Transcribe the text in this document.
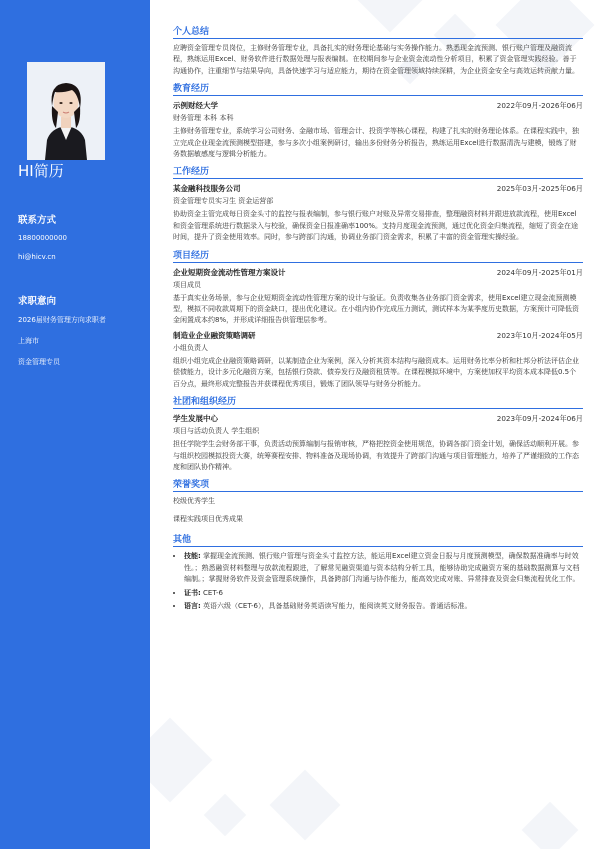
HI简历
联系方式
18800000000
hi@hicv.cn
求职意向
2026届财务管理方向求职者
上海市
资金管理专员
个人总结

应聘资金管理专员岗位，主修财务管理专业，具备扎实的财务理论基础与实务操作能力。熟悉现金流预测、银行账户管理及融资流程，熟练运用Excel、财务软件进行数据处理与报表编制。在校期间参与企业资金流动性分析项目，积累了资金管理实践经验。善于沟通协作，注重细节与结果导向，具备快速学习与适应能力，期待在资金管理领域持续深耕，为企业资金安全与高效运转贡献力量。

教育经历
示例财经大学	2022年09月-2026年06月
财务管理 本科 本科

主修财务管理专业，系统学习公司财务、金融市场、管理会计、投资学等核心课程，构建了扎实的财务理论体系。在课程实践中，独立完成企业现金流预测模型搭建，参与多次小组案例研讨，输出多份财务分析报告，熟练运用Excel进行数据清洗与建模，锻炼了财务数据敏感度与逻辑分析能力。

工作经历
某金融科技服务公司	2025年03月-2025年06月
资金管理专员实习生 资金运营部

协助资金主管完成每日资金头寸的监控与报表编制，参与银行账户对账及异常交易排查，整理融资材料并跟进放款流程，使用Excel和资金管理系统进行数据录入与校验，确保资金日报准确率100%。支持月度现金流预测，通过优化资金归集流程，缩短了资金在途时间，提升了资金使用效率。同时，参与跨部门沟通，协调业务部门资金需求，积累了丰富的资金管理实操经验。

项目经历
企业短期资金流动性管理方案设计	2024年09月-2025年01月
项目成员

基于真实业务场景，参与企业短期资金流动性管理方案的设计与验证。负责收集各业务部门资金需求，使用Excel建立现金流预测模型，模拟不同收款周期下的资金缺口，提出优化建议。在小组内协作完成压力测试，测试样本为某季度历史数据，方案预计可降低资金闲置成本约8%，并形成详细报告供管理层参考。

制造业企业融资策略调研	2023年10月-2024年05月
小组负责人

组织小组完成企业融资策略调研，以某制造企业为案例，深入分析其资本结构与融资成本。运用财务比率分析和杜邦分析法评估企业偿债能力，设计多元化融资方案，包括银行贷款、债券发行及融资租赁等。在课程模拟环境中，方案使加权平均资本成本降低0.5个百分点，最终形成完整报告并获课程优秀项目，锻炼了团队领导与财务分析能力。

社团和组织经历
学生发展中心	2023年09月-2024年06月
项目与活动负责人 学生组织

担任学院学生会财务部干事，负责活动预算编制与报销审核，严格把控资金使用规范，协调各部门资金计划，确保活动顺利开展。参与组织校园模拟投资大赛，统筹赛程安排、物料准备及现场协调，有效提升了跨部门沟通与项目管理能力，培养了严谨细致的工作态度和团队协作精神。

荣誉奖项
校级优秀学生
课程实践项目优秀成果
其他
• 技能: 掌握现金流预测、银行账户管理与资金头寸监控方法，能运用Excel建立资金日报与月度预测模型，确保数据准确率与时效性。；熟悉融资材料整理与放款流程跟进，了解常见融资渠道与资本结构分析工具，能够协助完成融资方案的基础数据测算与文档编制。；掌握财务软件及资金管理系统操作，具备跨部门沟通与协作能力，能高效完成对账、异常排查及资金归集流程优化工作。
• 证书: CET-6
• 语言: 英语六级（CET-6），具备基础财务英语读写能力，能阅读英文财务报告。普通话标准。
